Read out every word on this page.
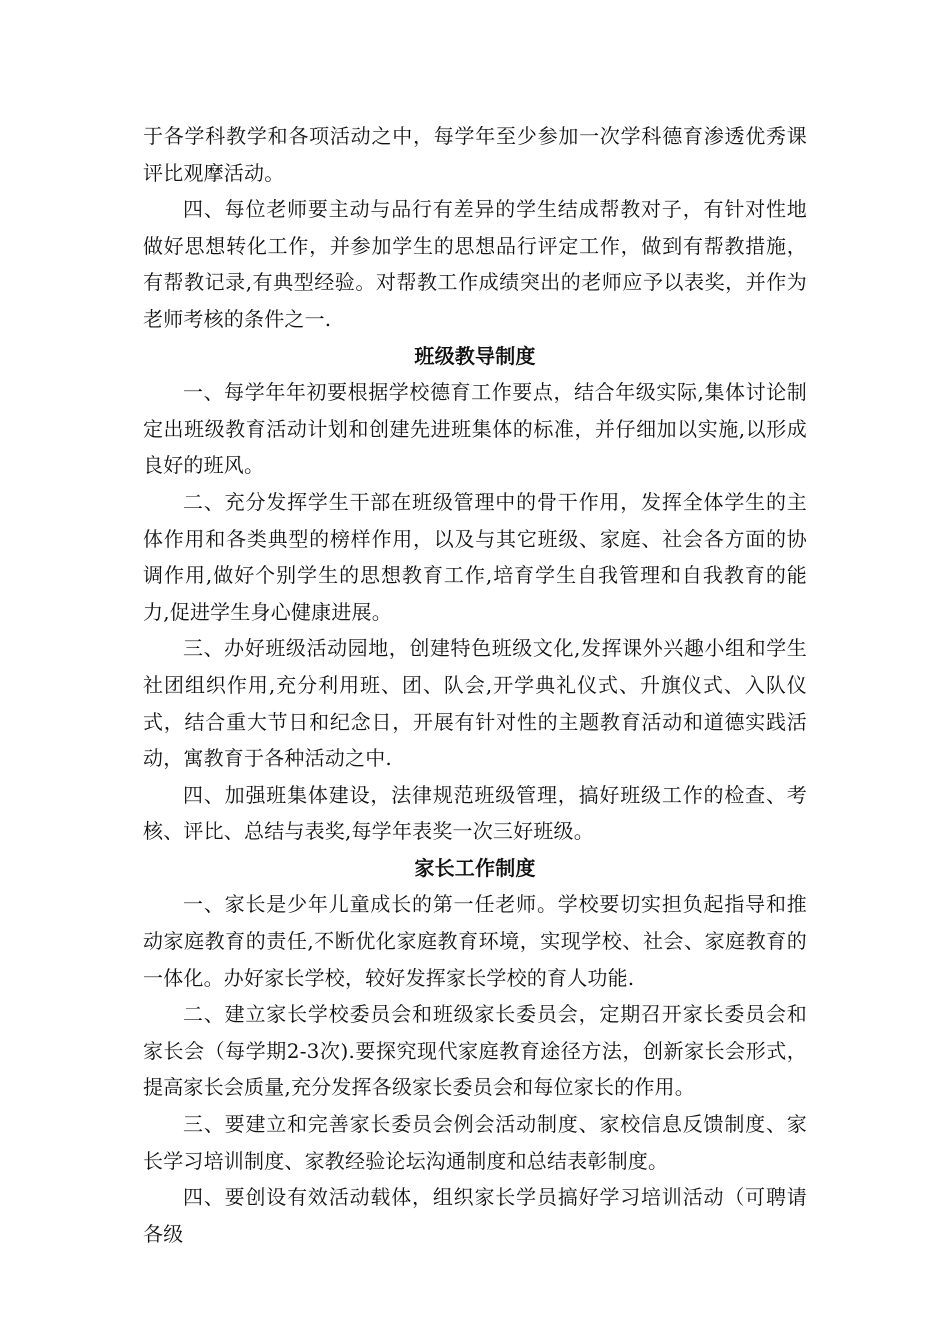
于各学科教学和各项活动之中，每学年至少参加一次学科德育渗透优秀课评比观摩活动。

四、每位老师要主动与品行有差异的学生结成帮教对子，有针对性地做好思想转化工作，并参加学生的思想品行评定工作，做到有帮教措施，有帮教记录,有典型经验。对帮教工作成绩突出的老师应予以表奖，并作为老师考核的条件之一.

班级教导制度

一、每学年年初要根据学校德育工作要点，结合年级实际,集体讨论制定出班级教育活动计划和创建先进班集体的标准，并仔细加以实施,以形成良好的班风。

二、充分发挥学生干部在班级管理中的骨干作用，发挥全体学生的主体作用和各类典型的榜样作用，以及与其它班级、家庭、社会各方面的协调作用,做好个别学生的思想教育工作,培育学生自我管理和自我教育的能力,促进学生身心健康进展。

三、办好班级活动园地，创建特色班级文化,发挥课外兴趣小组和学生社团组织作用,充分利用班、团、队会,开学典礼仪式、升旗仪式、入队仪式，结合重大节日和纪念日，开展有针对性的主题教育活动和道德实践活动，寓教育于各种活动之中.

四、加强班集体建设，法律规范班级管理，搞好班级工作的检查、考核、评比、总结与表奖,每学年表奖一次三好班级。

家长工作制度

一、家长是少年儿童成长的第一任老师。学校要切实担负起指导和推动家庭教育的责任,不断优化家庭教育环境，实现学校、社会、家庭教育的一体化。办好家长学校，较好发挥家长学校的育人功能.

二、建立家长学校委员会和班级家长委员会，定期召开家长委员会和家长会（每学期2-3次).要探究现代家庭教育途径方法，创新家长会形式，提高家长会质量,充分发挥各级家长委员会和每位家长的作用。

三、要建立和完善家长委员会例会活动制度、家校信息反馈制度、家长学习培训制度、家教经验论坛沟通制度和总结表彰制度。

四、要创设有效活动载体，组织家长学员搞好学习培训活动（可聘请各级
